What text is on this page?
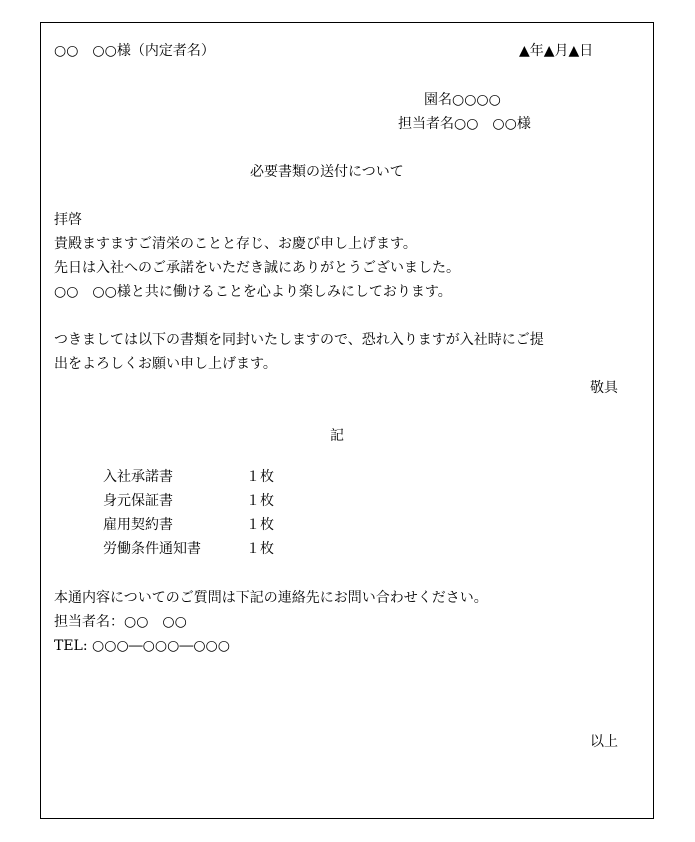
○○　○○様（内定者名）	▲年▲月▲日
園名○○○○
担当者名○○　○○様
必要書類の送付について
拝啓
貴殿ますますご清栄のことと存じ、お慶び申し上げます。
先日は入社へのご承諾をいただき誠にありがとうございました。
○○　○○様と共に働けることを心より楽しみにしております。
つきましては以下の書類を同封いたしますので、恐れ入りますが入社時にご提
出をよろしくお願い申し上げます。
敬具
記
入社承諾書	１枚
身元保証書	１枚
雇用契約書	１枚
労働条件通知書	１枚
本通内容についてのご質問は下記の連絡先にお問い合わせください。
担当者名：○○　○○
TEL: ○○○―○○○―○○○
以上
